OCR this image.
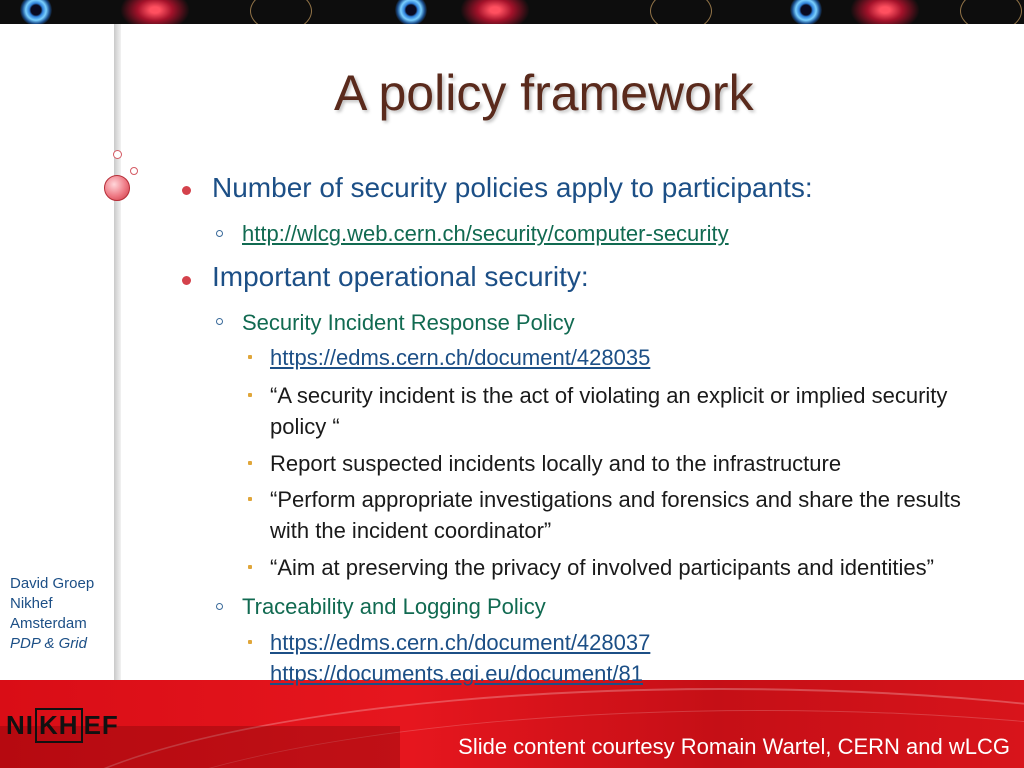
A policy framework
Number of security policies apply to participants:
http://wlcg.web.cern.ch/security/computer-security
Important operational security:
Security Incident Response Policy
https://edms.cern.ch/document/428035
“A security incident is the act of violating an explicit or implied security
policy “
Report suspected incidents locally and to the infrastructure
“Perform appropriate investigations and forensics and share the results
with the incident coordinator”
“Aim at preserving the privacy of involved participants and identities”
Traceability and Logging Policy
https://edms.cern.ch/document/428037
https://documents.egi.eu/document/81
David Groep
Nikhef
Amsterdam
PDP & Grid
NI KH EF
Slide content courtesy Romain Wartel, CERN and wLCG
